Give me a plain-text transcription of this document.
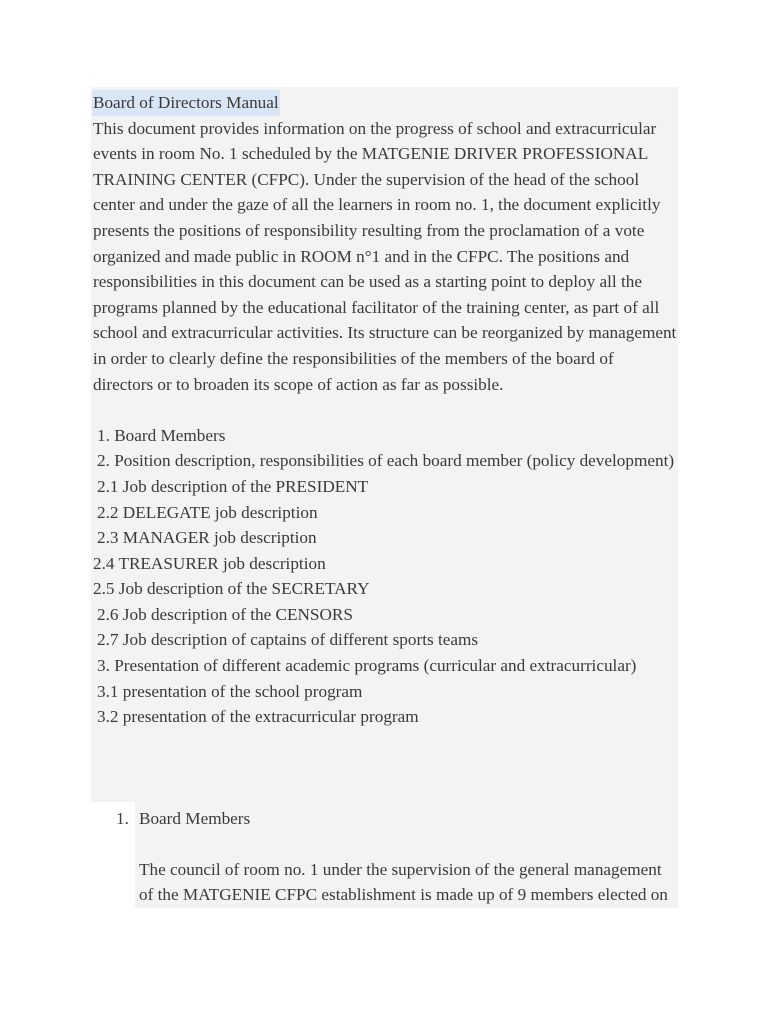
Board of Directors Manual

This document provides information on the progress of school and extracurricular events in room No. 1 scheduled by the MATGENIE DRIVER PROFESSIONAL TRAINING CENTER (CFPC). Under the supervision of the head of the school center and under the gaze of all the learners in room no. 1, the document explicitly presents the positions of responsibility resulting from the proclamation of a vote organized and made public in ROOM n°1 and in the CFPC. The positions and responsibilities in this document can be used as a starting point to deploy all the programs planned by the educational facilitator of the training center, as part of all school and extracurricular activities. Its structure can be reorganized by management in order to clearly define the responsibilities of the members of the board of directors or to broaden its scope of action as far as possible.

1. Board Members
2. Position description, responsibilities of each board member (policy development)
2.1 Job description of the PRESIDENT
2.2 DELEGATE job description
2.3 MANAGER job description
2.4 TREASURER job description
2.5 Job description of the SECRETARY
2.6 Job description of the CENSORS
2.7 Job description of captains of different sports teams
3. Presentation of different academic programs (curricular and extracurricular)
3.1 presentation of the school program
3.2 presentation of the extracurricular program
1. Board Members

The council of room no. 1 under the supervision of the general management of the MATGENIE CFPC establishment is made up of 9 members elected on
